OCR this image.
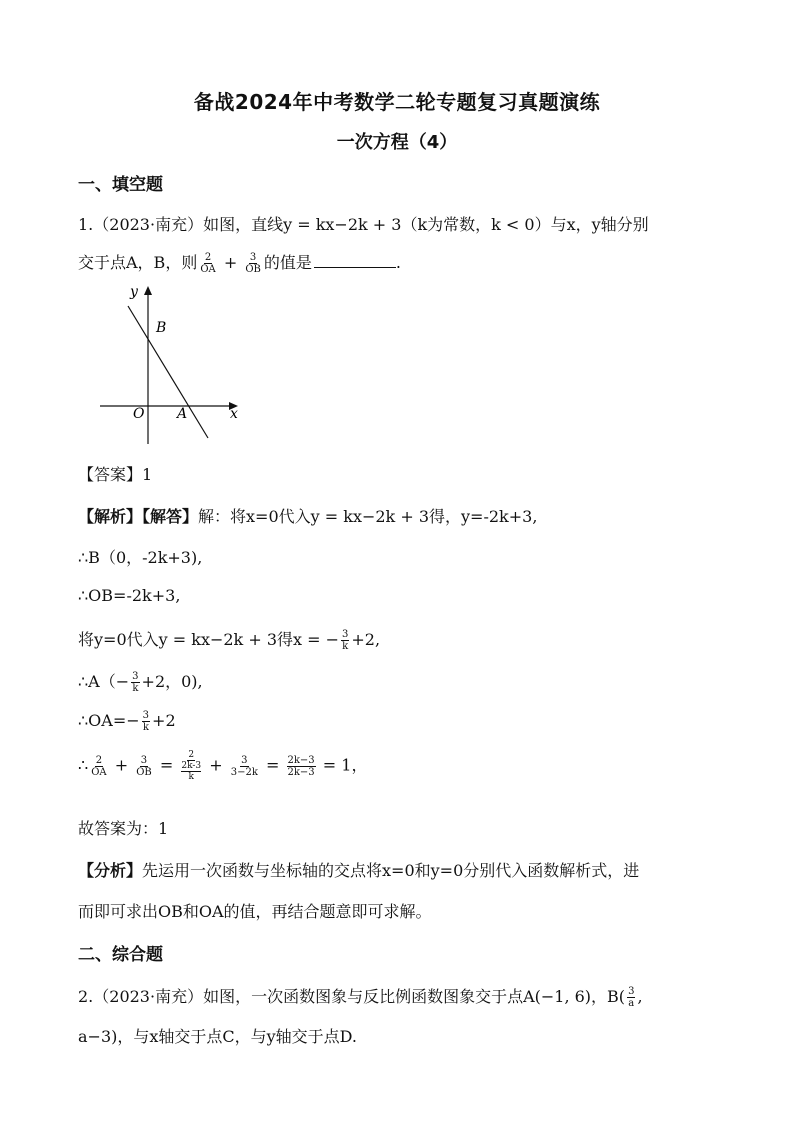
备战2024年中考数学二轮专题复习真题演练
一次方程（4）
一、填空题
1.（2023·南充）如图，直线y = kx−2k + 3（k为常数，k < 0）与x，y轴分别
交于点A，B，则 $\frac{2}{OA} + \frac{3}{OB}$ 的值是	.
y
x
O A
B
【答案】1
【解析】【解答】解：将x=0代入y = kx−2k + 3得，y=-2k+3,
∴B（0，-2k+3),
∴OB=-2k+3,
将y=0代入y = kx−2k + 3得x = − $\frac{3}{k} +2$,
∴A（− $\frac{3}{k} +2$，0),
∴OA=− $\frac{3}{k} +2$
∴ $\frac{2}{OA} + \frac{3}{OB} = 2$
2k-3
$k + \frac{3}{3-2k} = \frac{2k-3}{2k-3} = 1$，
故答案为：1
【分析】先运用一次函数与坐标轴的交点将x=0和y=0分别代入函数解析式，进
而即可求出OB和OA的值，再结合题意即可求解。
二、综合题
2.（2023·南充）如图，一次函数图象与反比例函数图象交于点A(−1, 6)，$B( \frac{3}{a}$ ,
a−3)，与x轴交于点C，与y轴交于点D.
